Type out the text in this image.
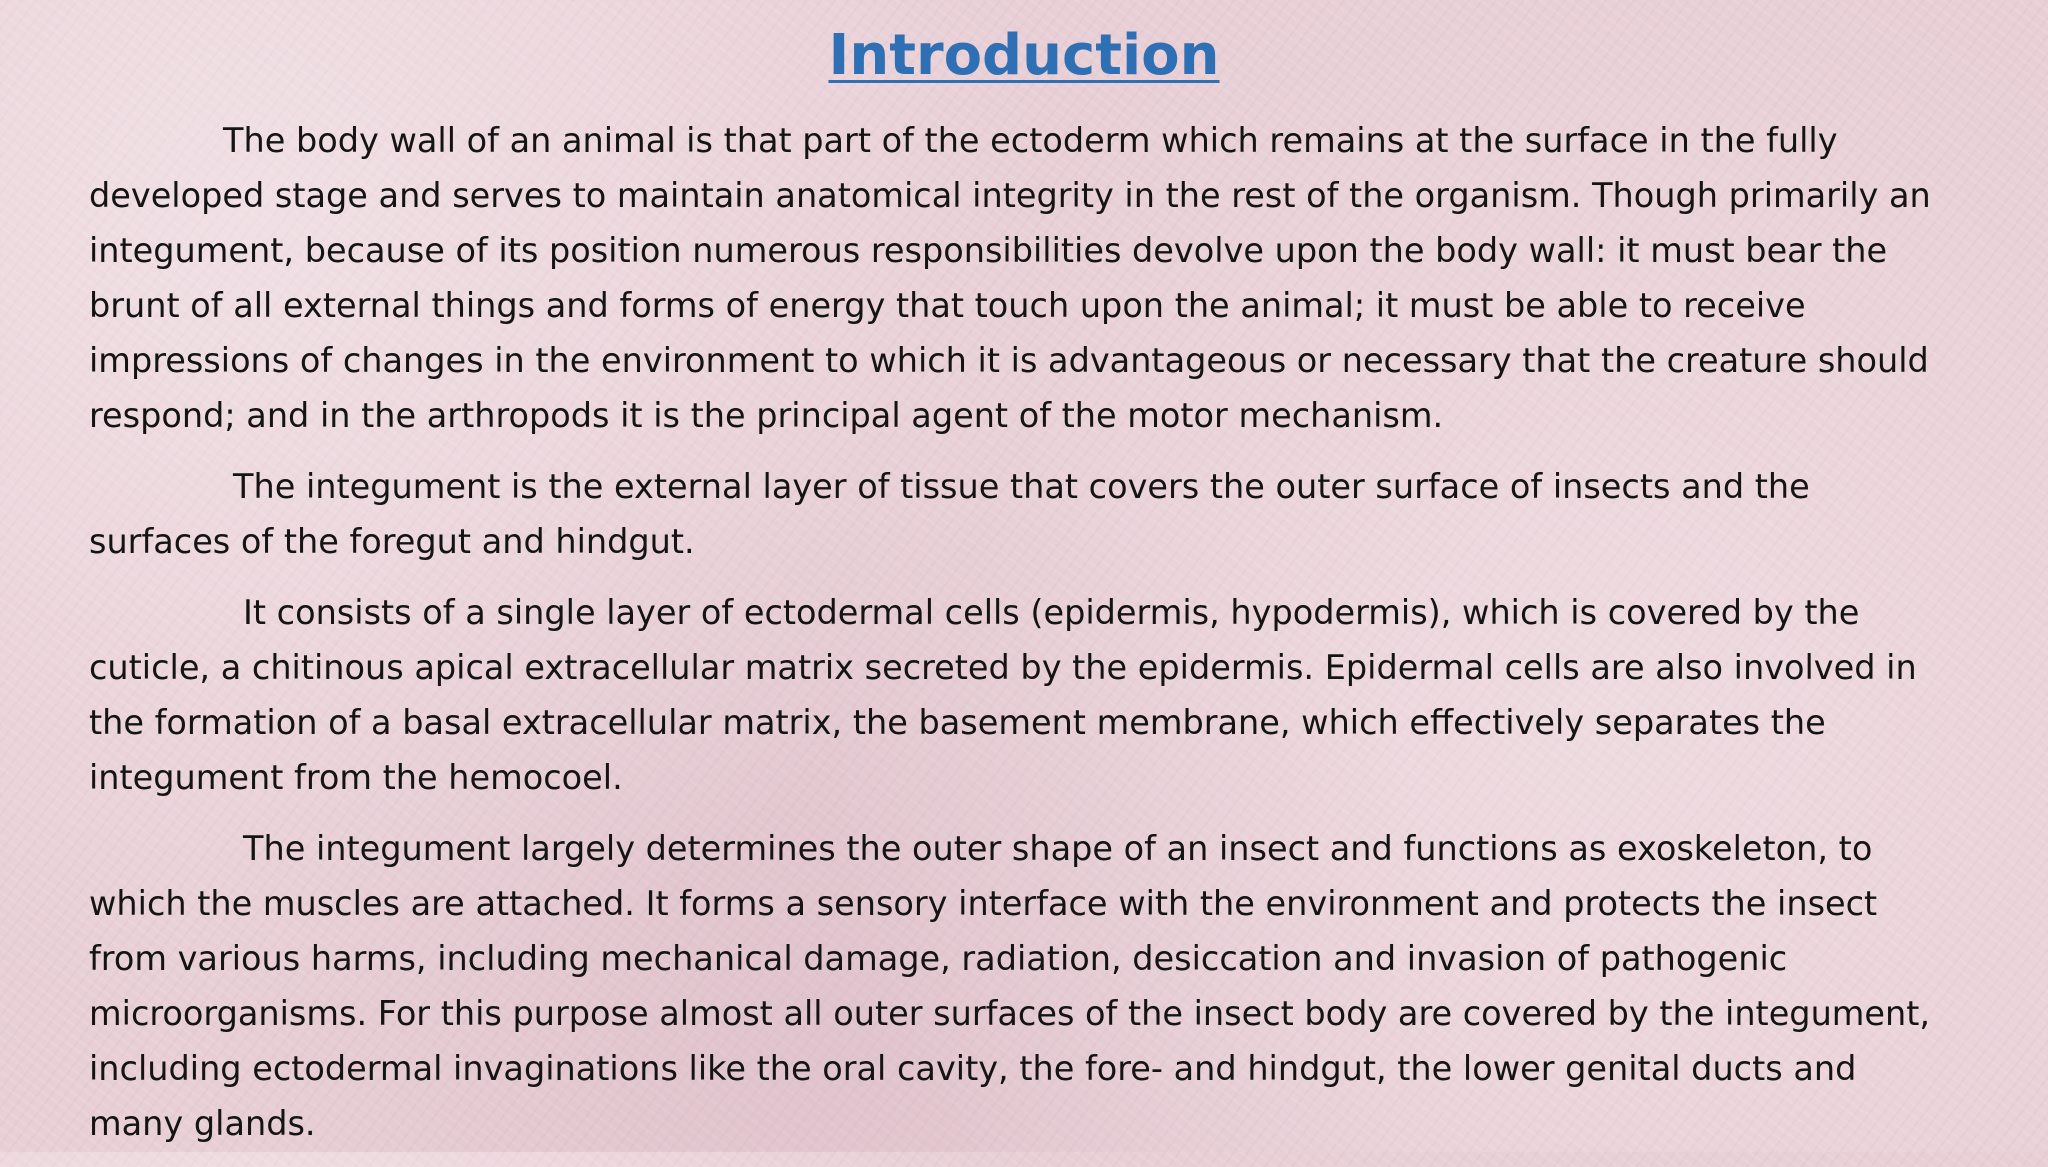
Introduction

The body wall of an animal is that part of the ectoderm which remains at the surface in the fully developed stage and serves to maintain anatomical integrity in the rest of the organism. Though primarily an integument, because of its position numerous responsibilities devolve upon the body wall: it must bear the brunt of all external things and forms of energy that touch upon the animal; it must be able to receive impressions of changes in the environment to which it is advantageous or necessary that the creature should respond; and in the arthropods it is the principal agent of the motor mechanism.

The integument is the external layer of tissue that covers the outer surface of insects and the surfaces of the foregut and hindgut.

It consists of a single layer of ectodermal cells (epidermis, hypodermis), which is covered by the cuticle, a chitinous apical extracellular matrix secreted by the epidermis. Epidermal cells are also involved in the formation of a basal extracellular matrix, the basement membrane, which effectively separates the integument from the hemocoel.

The integument largely determines the outer shape of an insect and functions as exoskeleton, to which the muscles are attached. It forms a sensory interface with the environment and protects the insect from various harms, including mechanical damage, radiation, desiccation and invasion of pathogenic microorganisms. For this purpose almost all outer surfaces of the insect body are covered by the integument, including ectodermal invaginations like the oral cavity, the fore- and hindgut, the lower genital ducts and many glands.
